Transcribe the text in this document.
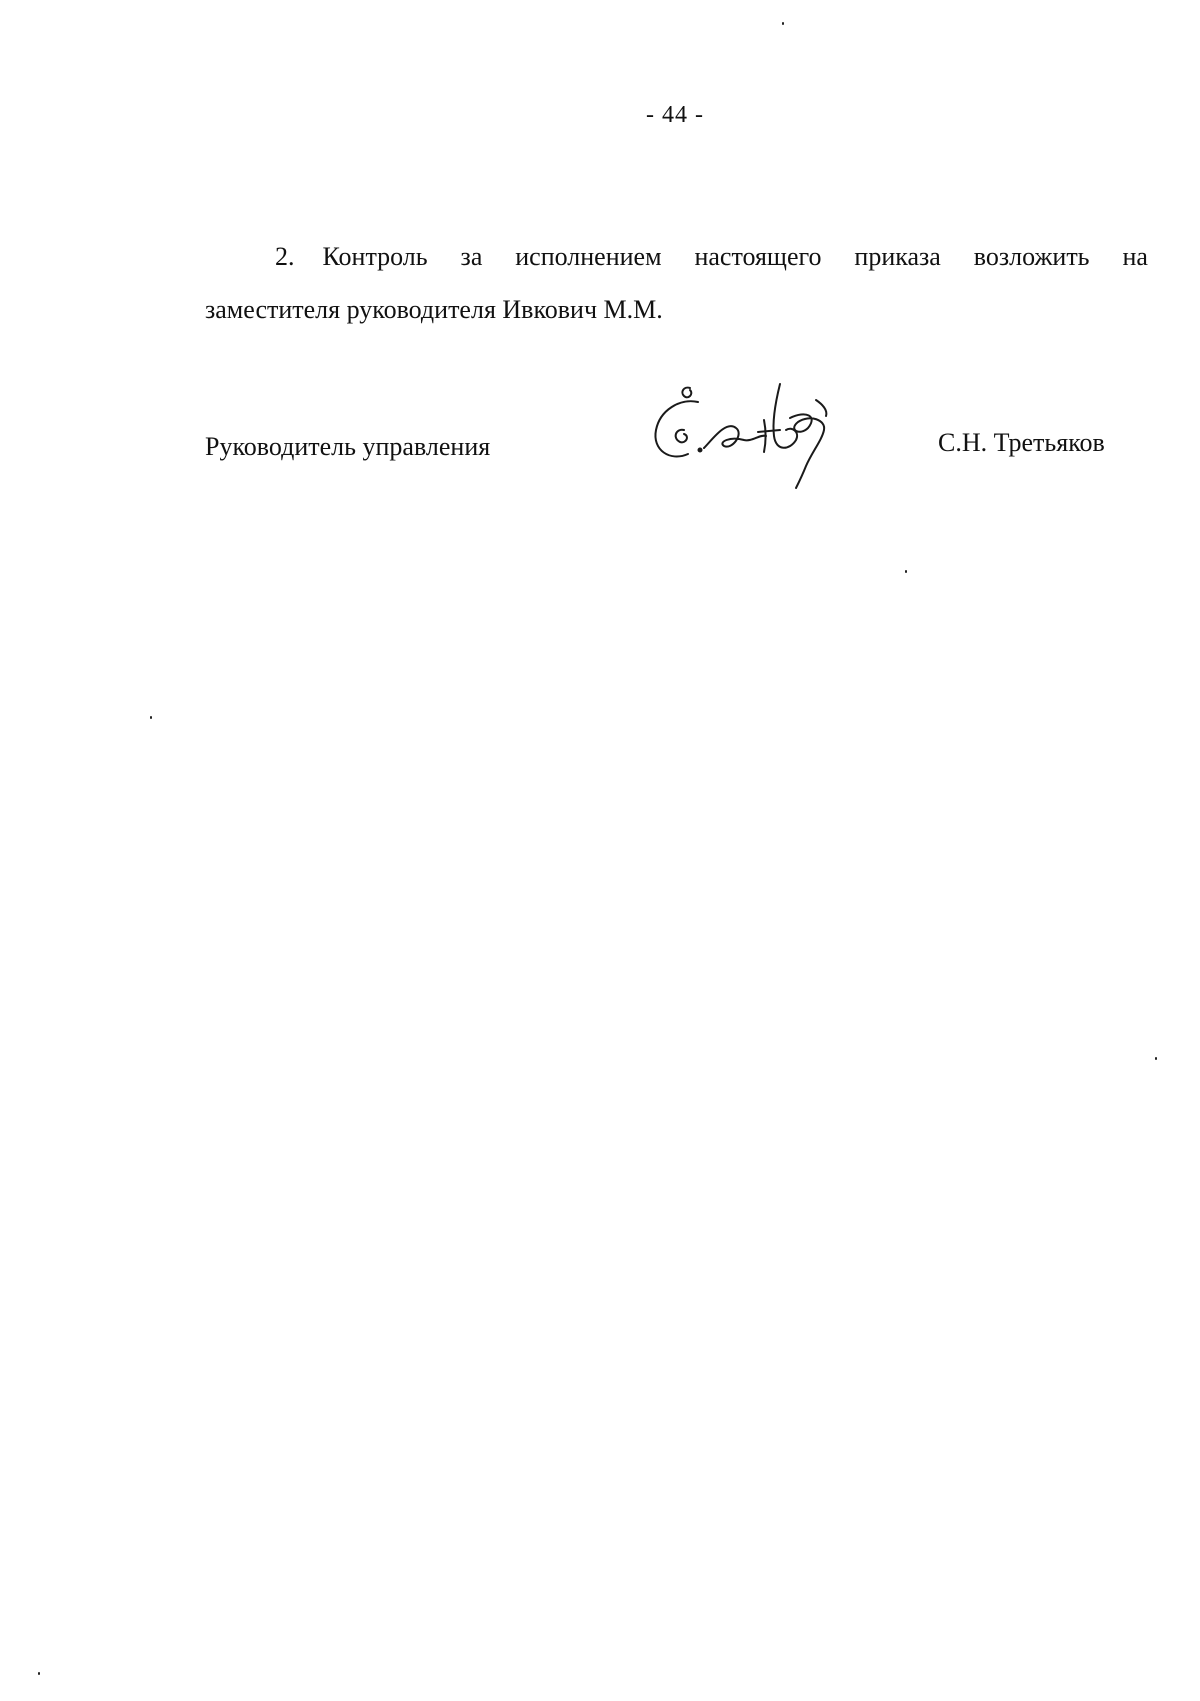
- 44 -
2. Контроль за исполнением настоящего приказа возложить на
заместителя руководителя Ивкович М.М.
Руководитель управления	С.Н. Третьяков
